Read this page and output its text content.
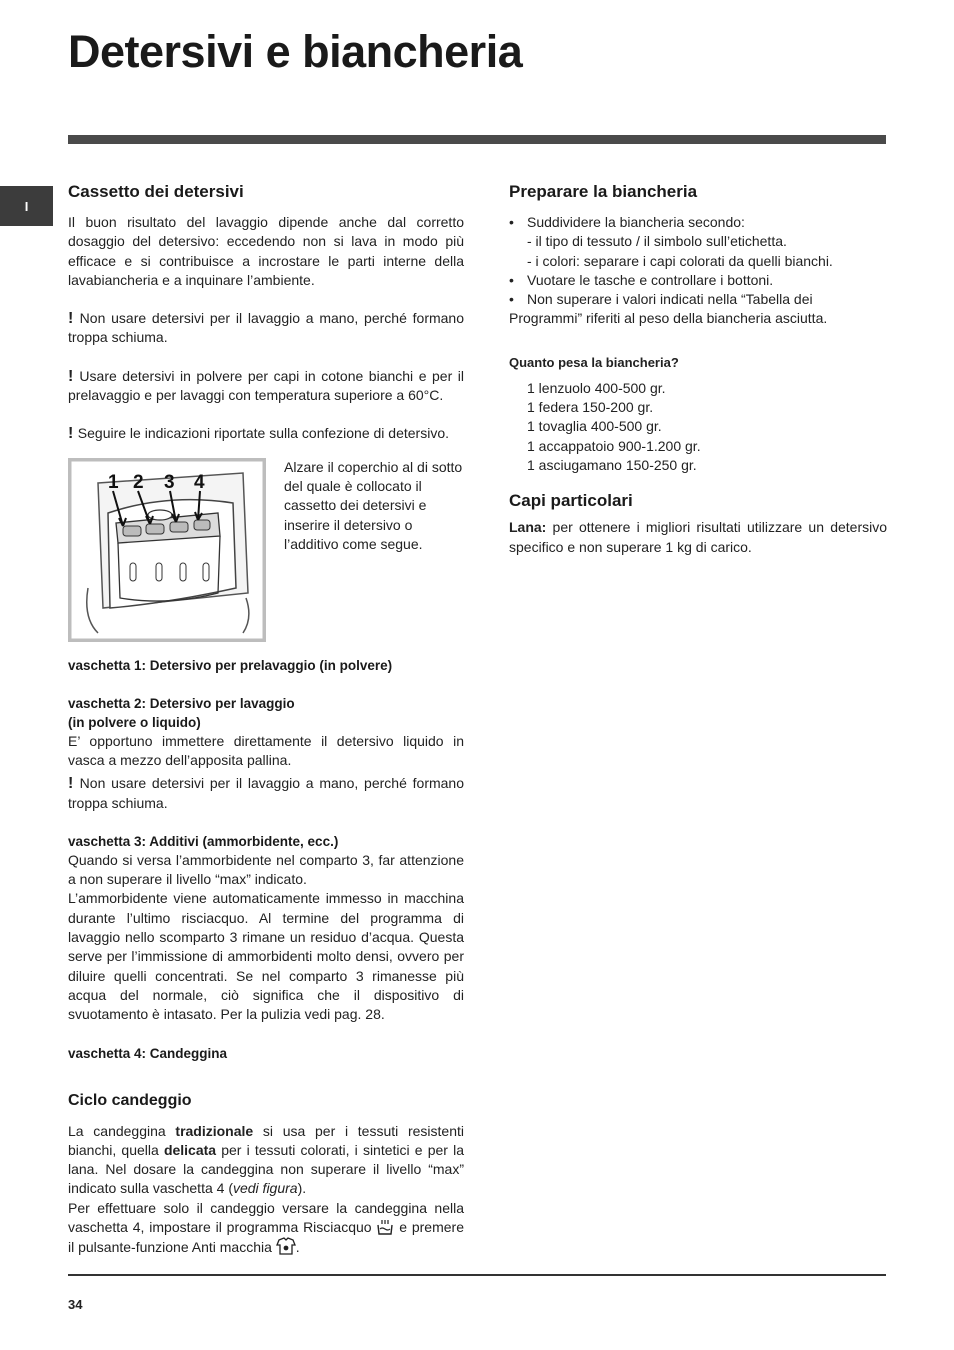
Detersivi e biancheria
I
Cassetto dei detersivi

Il buon risultato del lavaggio dipende anche dal corretto dosaggio del detersivo: eccedendo non si lava in modo più efficace e si contribuisce a incrostare le parti interne della lavabiancheria e a inquinare l’ambiente.

! Non usare detersivi per il lavaggio a mano, perché formano troppa schiuma.

! Usare detersivi in polvere per capi in cotone bianchi e per il prelavaggio e per lavaggi con temperatura superiore a 60°C.

! Seguire le indicazioni riportate sulla confezione di detersivo.

1 2 3 4

Alzare il coperchio al di sotto del quale è collocato il cassetto dei detersivi e inserire il detersivo o l’additivo come segue.

vaschetta 1: Detersivo per prelavaggio (in polvere)
vaschetta 2: Detersivo per lavaggio
(in polvere o liquido)

E’ opportuno immettere direttamente il detersivo liquido in vasca a mezzo dell’apposita pallina.

! Non usare detersivi per il lavaggio a mano, perché formano troppa schiuma.

vaschetta 3: Additivi (ammorbidente, ecc.)

Quando si versa l’ammorbidente nel comparto 3, far attenzione a non superare il livello “max” indicato.

L’ammorbidente viene automaticamente immesso in macchina durante l’ultimo risciacquo. Al termine del programma di lavaggio nello scomparto 3 rimane un residuo d’acqua. Questa serve per l’immissione di ammorbidenti molto densi, ovvero per diluire quelli concentrati. Se nel comparto 3 rimanesse più acqua del normale, ciò significa che il dispositivo di svuotamento è intasato. Per la pulizia vedi pag. 28.

vaschetta 4: Candeggina
Ciclo candeggio

La candeggina tradizionale si usa per i tessuti resistenti bianchi, quella delicata per i tessuti colorati, i sintetici e per la lana. Nel dosare la candeggina non superare il livello “max” indicato sulla vaschetta 4 (vedi figura).

Per effettuare solo il candeggio versare la candeggina nella vaschetta 4, impostare il programma Risciacquo  e premere il pulsante-funzione Anti macchia .

Preparare la biancheria
• Suddividere la biancheria secondo:
- il tipo di tessuto / il simbolo sull’etichetta.
- i colori: separare i capi colorati da quelli bianchi.
• Vuotare le tasche e controllare i bottoni.
• Non superare i valori indicati nella “Tabella dei Programmi” riferiti al peso della biancheria asciutta.
Quanto pesa la biancheria?
1 lenzuolo 400-500 gr.
1 federa 150-200 gr.
1 tovaglia 400-500 gr.
1 accappatoio 900-1.200 gr.
1 asciugamano 150-250 gr.
Capi particolari

Lana: per ottenere i migliori risultati utilizzare un detersivo specifico e non superare 1 kg di carico.

34
